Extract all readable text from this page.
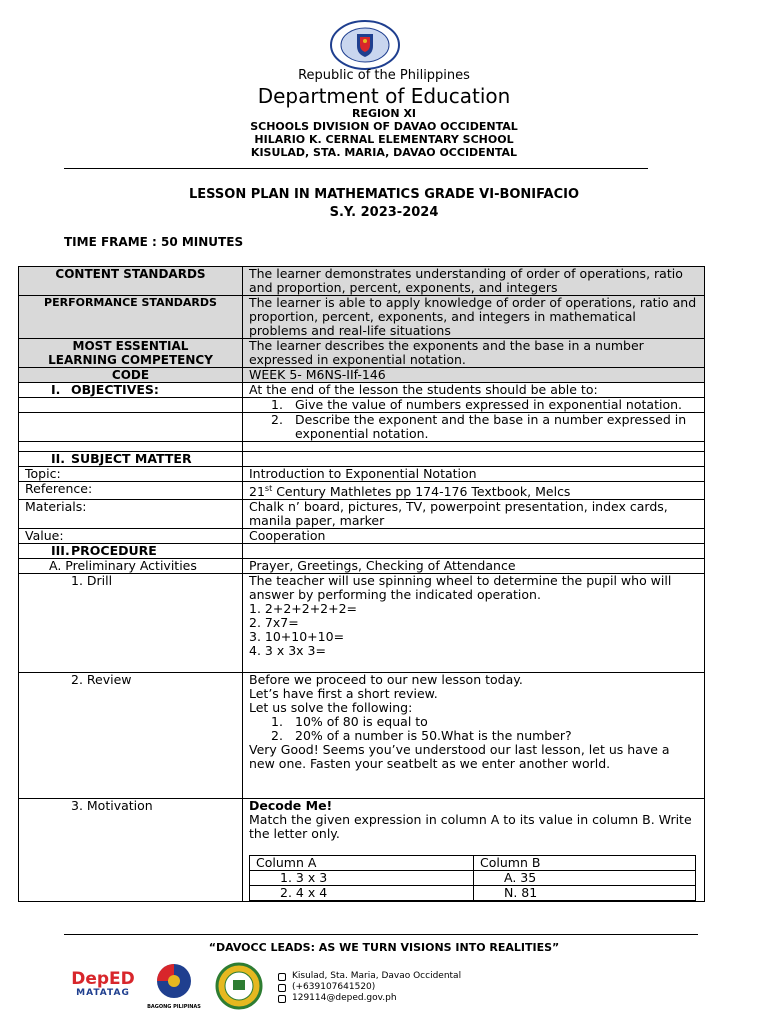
Republic of the Philippines
Department of Education
REGION XI
SCHOOLS DIVISION OF DAVAO OCCIDENTAL
HILARIO K. CERNAL ELEMENTARY SCHOOL
KISULAD, STA. MARIA, DAVAO OCCIDENTAL
LESSON PLAN IN MATHEMATICS GRADE VI-BONIFACIO
S.Y. 2023-2024
TIME FRAME : 50 MINUTES
CONTENT STANDARDS	The learner demonstrates understanding of order of operations, ratio and proportion, percent, exponents, and integers
PERFORMANCE STANDARDS	The learner is able to apply knowledge of order of operations, ratio and proportion, percent, exponents, and integers in mathematical problems and real-life situations

MOST ESSENTIAL
LEARNING COMPETENCY
	The learner describes the exponents and the base in a number expressed in exponential notation.
CODE	WEEK 5- M6NS-IIf-146
I. OBJECTIVES:	At the end of the lesson the students should be able to:

1. Give the value of numbers expressed in exponential notation.

2. Describe the exponent and the base in a number expressed in exponential notation.

II. SUBJECT MATTER	
Topic:	Introduction to Exponential Notation
Reference:	21st Century Mathletes pp 174-176 Textbook, Melcs
Materials:	Chalk n’ board, pictures, TV, powerpoint presentation, index cards, manila paper, marker
Value:	Cooperation
III.PROCEDURE	
A. Preliminary Activities	Prayer, Greetings, Checking of Attendance
1. Drill	The teacher will use spinning wheel to determine the pupil who will answer by performing the indicated operation.
1. 2+2+2+2+2=
2. 7x7=
3. 10+10+10=
4. 3 x 3x 3=

2. Review	Before we proceed to our new lesson today.
Let’s have first a short review.
Let us solve the following:
1. 10% of 80 is equal to
2. 20% of a number is 50.What is the number?
Very Good! Seems you’ve understood our last lesson, let us have a new one. Fasten your seatbelt as we enter another world.

3. Motivation	Decode Me!
Match the given expression in column A to its value in column B. Write the letter only.
Column A	Column B
1. 3 x 3	A. 35
2. 4 x 4	N. 81
“DAVOCC LEADS: AS WE TURN VISIONS INTO REALITIES”
DepED
MATATAG
BAGONG PILIPINAS
Kisulad, Sta. Maria, Davao Occidental
(+639107641520)
129114@deped.gov.ph
